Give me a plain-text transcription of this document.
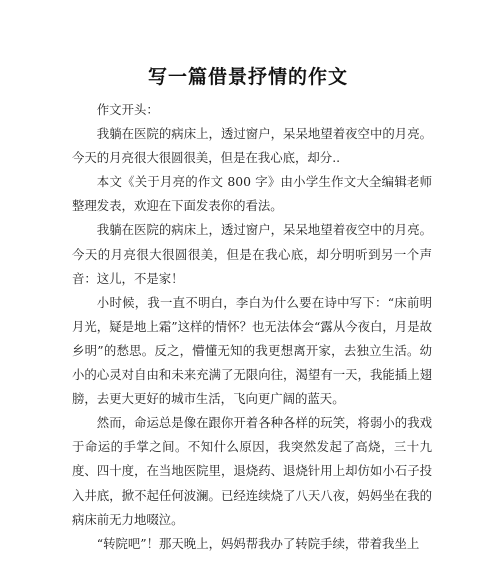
写一篇借景抒情的作文

作文开头：

我躺在医院的病床上，透过窗户，呆呆地望着夜空中的月亮。今天的月亮很大很圆很美，但是在我心底，却分..

本文《关于月亮的作文 800 字》由小学生作文大全编辑老师整理发表，欢迎在下面发表你的看法。

我躺在医院的病床上，透过窗户，呆呆地望着夜空中的月亮。今天的月亮很大很圆很美，但是在我心底，却分明听到另一个声音：这儿，不是家！

小时候，我一直不明白，李白为什么要在诗中写下：“床前明月光，疑是地上霜”这样的情怀？也无法体会“露从今夜白，月是故乡明”的愁思。反之，懵懂无知的我更想离开家，去独立生活。幼小的心灵对自由和未来充满了无限向往，渴望有一天，我能插上翅膀，去更大更好的城市生活，飞向更广阔的蓝天。

然而，命运总是像在跟你开着各种各样的玩笑，将弱小的我戏于命运的手掌之间。不知什么原因，我突然发起了高烧，三十九度、四十度，在当地医院里，退烧药、退烧针用上却仿如小石子投入井底，掀不起任何波澜。已经连续烧了八天八夜，妈妈坐在我的病床前无力地啜泣。

“转院吧”！那天晚上，妈妈帮我办了转院手续，带着我坐上
